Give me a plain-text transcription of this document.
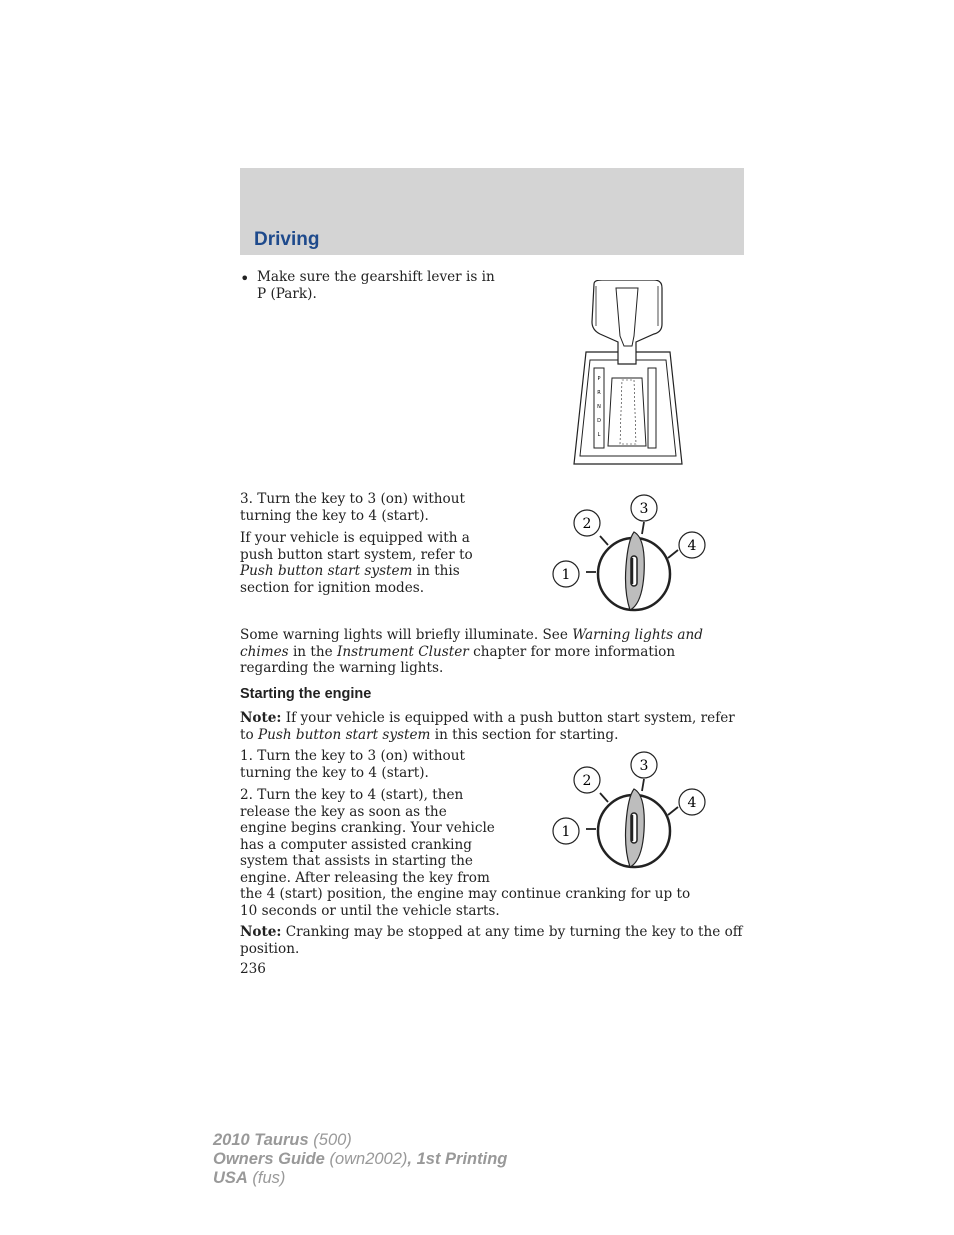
Driving
• Make sure the gearshift lever is in P (Park).
P
R
N
D
L

3. Turn the key to 3 (on) without
turning the key to 4 (start).

If your vehicle is equipped with a
push button start system, refer to
Push button start system in this
section for ignition modes.

1
2
3
4

Some warning lights will briefly illuminate. See Warning lights and
chimes in the Instrument Cluster chapter for more information
regarding the warning lights.

Starting the engine

Note: If your vehicle is equipped with a push button start system, refer
to Push button start system in this section for starting.

1. Turn the key to 3 (on) without
turning the key to 4 (start).

2. Turn the key to 4 (start), then
release the key as soon as the
engine begins cranking. Your vehicle
has a computer assisted cranking
system that assists in starting the
engine. After releasing the key from
the 4 (start) position, the engine may continue cranking for up to
10 seconds or until the vehicle starts.

1
2
3
4

Note: Cranking may be stopped at any time by turning the key to the off
position.

236

2010 Taurus (500)
Owners Guide (own2002), 1st Printing
USA (fus)
